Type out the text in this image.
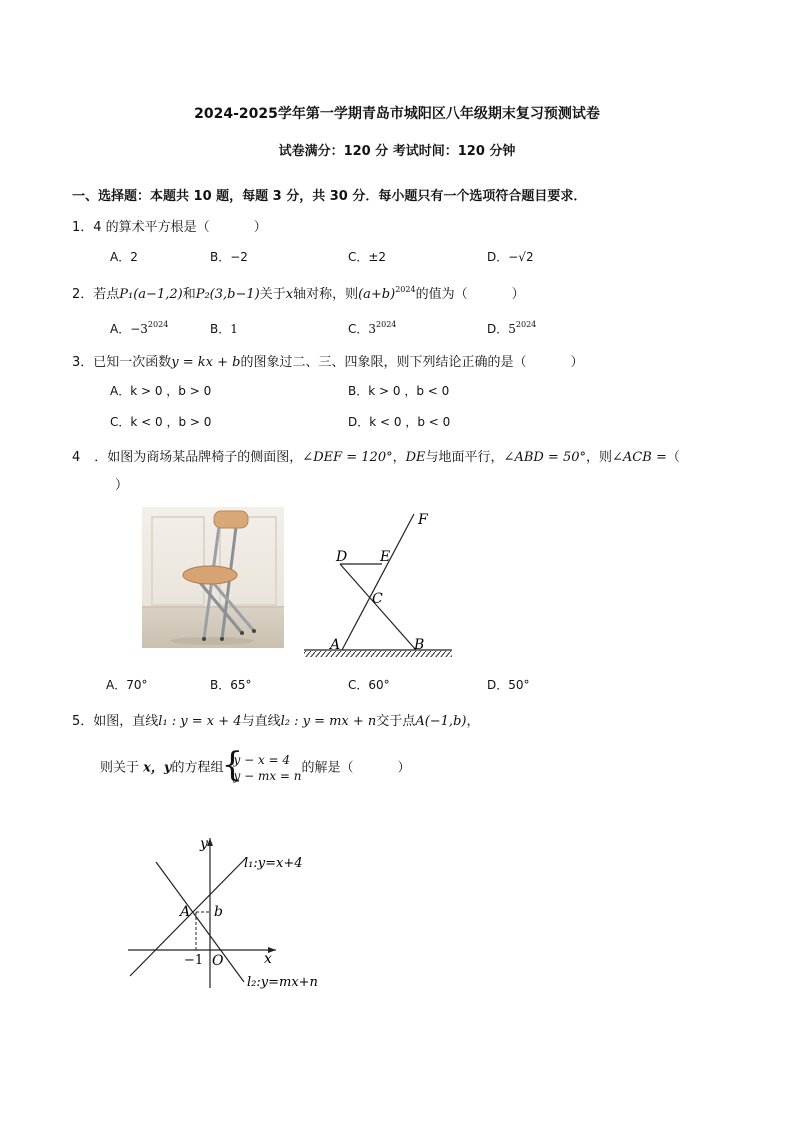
2024-2025学年第一学期青岛市城阳区八年级期末复习预测试卷
试卷满分：120 分 考试时间：120 分钟
一、选择题：本题共 10 题，每题 3 分，共 30 分．每小题只有一个选项符合题目要求．
1．4 的算术平方根是（	）
A．2	B．−2	C．±2	D．−√2
2．若点P₁(a−1,2)和P₂(3,b−1)关于x轴对称，则$(a+b)^{2024}$的值为（	）
A．$-3^{2024}$	B．1	C．$3^{2024}$	D．$5^{2024}$
3．已知一次函数y = kx + b的图象过二、三、四象限，则下列结论正确的是（	）
A．k > 0 ，b > 0	B．k > 0 ，b < 0
C．k < 0 ，b > 0	D．k < 0 ，b < 0
4 ．如图为商场某品牌椅子的侧面图，∠DEF = 120°，DE与地面平行，∠ABD = 50°，则∠ACB =（
）
D E
F
C
A	B
A．70°	B．65°	C．60°	D．50°
5．如图，直线l₁ : y = x + 4与直线l₂ : y = mx + n交于点A(−1,b)，
则关于 x，y的方程组
{
y − x = 4
y − mx = n
的解是（	）
y
x
O
A b
−1
l₁:y=x+4
l₂:y=mx+n
